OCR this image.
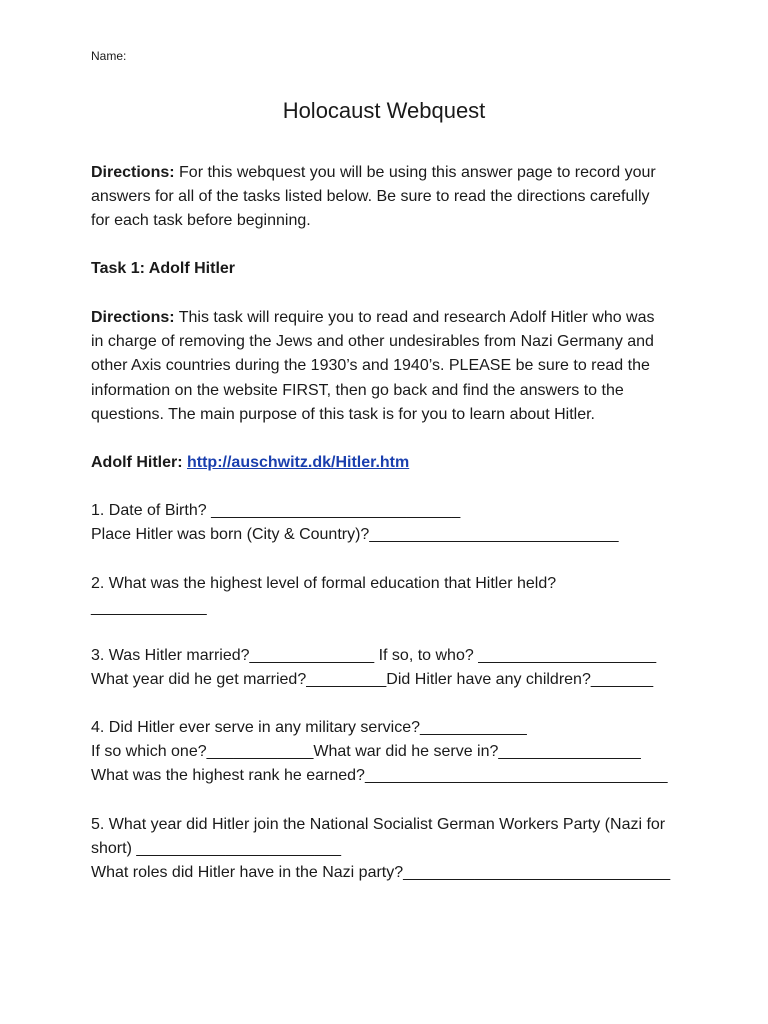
Name:
Holocaust Webquest

Directions: For this webquest you will be using this answer page to record your
answers for all of the tasks listed below. Be sure to read the directions carefully
for each task before beginning.

Task 1: Adolf Hitler

Directions: This task will require you to read and research Adolf Hitler who was
in charge of removing the Jews and other undesirables from Nazi Germany and
other Axis countries during the 1930’s and 1940’s. PLEASE be sure to read the
information on the website FIRST, then go back and find the answers to the
questions. The main purpose of this task is for you to learn about Hitler.

Adolf Hitler: http://auschwitz.dk/Hitler.htm

1. Date of Birth? ____________________________
Place Hitler was born (City & Country)?____________________________

2. What was the highest level of formal education that Hitler held?
_____________

3. Was Hitler married?______________ If so, to who? ____________________
What year did he get married?_________Did Hitler have any children?_______

4. Did Hitler ever serve in any military service?____________
If so which one?____________What war did he serve in?________________
What was the highest rank he earned?__________________________________

5. What year did Hitler join the National Socialist German Workers Party (Nazi for
short) _______________________
What roles did Hitler have in the Nazi party?______________________________
